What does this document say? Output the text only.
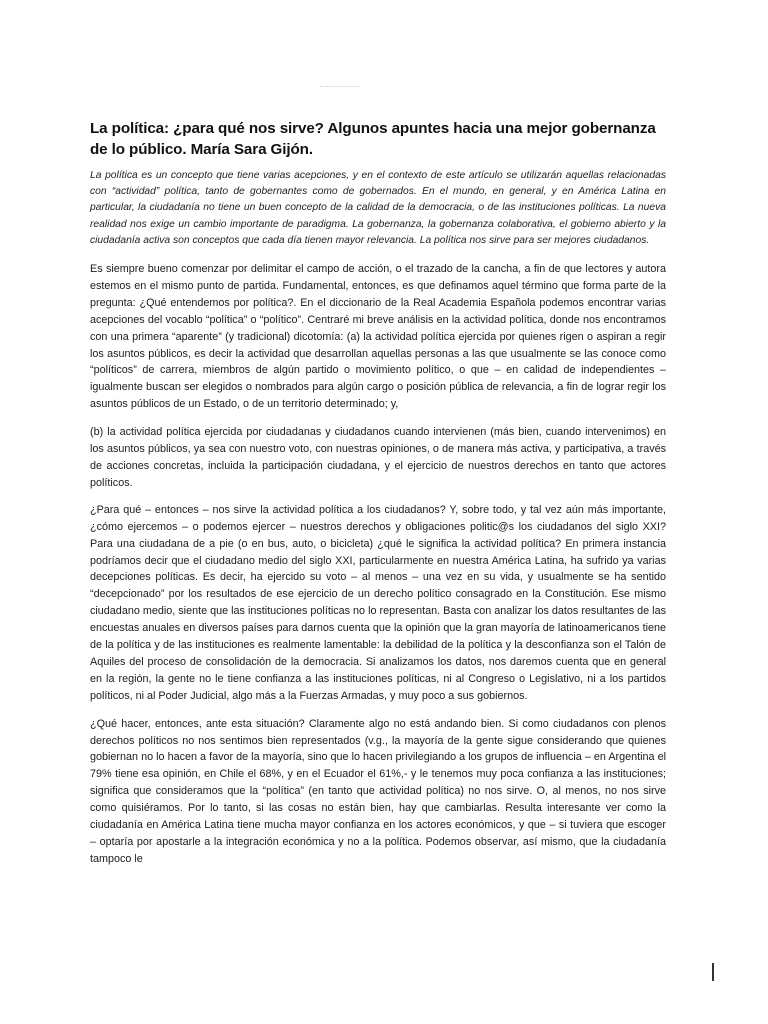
La política: ¿para qué nos sirve? Algunos apuntes hacia una mejor gobernanza de lo público. María Sara Gijón.

La política es un concepto que tiene varias acepciones, y en el contexto de este artículo se utilizarán aquellas relacionadas con “actividad” política, tanto de gobernantes como de gobernados. En el mundo, en general, y en América Latina en particular, la ciudadanía no tiene un buen concepto de la calidad de la democracia, o de las instituciones políticas. La nueva realidad nos exige un cambio importante de paradigma. La gobernanza, la gobernanza colaborativa, el gobierno abierto y la ciudadanía activa son conceptos que cada día tienen mayor relevancia. La política nos sirve para ser mejores ciudadanos.

Es siempre bueno comenzar por delimitar el campo de acción, o el trazado de la cancha, a fin de que lectores y autora estemos en el mismo punto de partida. Fundamental, entonces, es que definamos aquel término que forma parte de la pregunta: ¿Qué entendemos por política?. En el diccionario de la Real Academia Española podemos encontrar varias acepciones del vocablo “política” o “político”. Centraré mi breve análisis en la actividad política, donde nos encontramos con una primera “aparente” (y tradicional) dicotomía: (a) la actividad política ejercida por quienes rigen o aspiran a regir los asuntos públicos, es decir la actividad que desarrollan aquellas personas a las que usualmente se las conoce como “políticos” de carrera, miembros de algún partido o movimiento político, o que – en calidad de independientes – igualmente buscan ser elegidos o nombrados para algún cargo o posición pública de relevancia, a fin de lograr regir los asuntos públicos de un Estado, o de un territorio determinado; y,

(b) la actividad política ejercida por ciudadanas y ciudadanos cuando intervienen (más bien, cuando intervenimos) en los asuntos públicos, ya sea con nuestro voto, con nuestras opiniones, o de manera más activa, y participativa, a través de acciones concretas, incluida la participación ciudadana, y el ejercicio de nuestros derechos en tanto que actores políticos.

¿Para qué – entonces – nos sirve la actividad política a los ciudadanos? Y, sobre todo, y tal vez aún más importante, ¿cómo ejercemos – o podemos ejercer – nuestros derechos y obligaciones politic@s los ciudadanos del siglo XXI? Para una ciudadana de a pie (o en bus, auto, o bicicleta) ¿qué le significa la actividad política? En primera instancia podríamos decir que el ciudadano medio del siglo XXI, particularmente en nuestra América Latina, ha sufrido ya varias decepciones políticas. Es decir, ha ejercido su voto – al menos – una vez en su vida, y usualmente se ha sentido “decepcionado” por los resultados de ese ejercicio de un derecho político consagrado en la Constitución. Ese mismo ciudadano medio, siente que las instituciones políticas no lo representan. Basta con analizar los datos resultantes de las encuestas anuales en diversos países para darnos cuenta que la opinión que la gran mayoría de latinoamericanos tiene de la política y de las instituciones es realmente lamentable: la debilidad de la política y la desconfianza son el Talón de Aquiles del proceso de consolidación de la democracia. Si analizamos los datos, nos daremos cuenta que en general en la región, la gente no le tiene confianza a las instituciones políticas, ni al Congreso o Legislativo, ni a los partidos políticos, ni al Poder Judicial, algo más a la Fuerzas Armadas, y muy poco a sus gobiernos.

¿Qué hacer, entonces, ante esta situación? Claramente algo no está andando bien. Si como ciudadanos con plenos derechos políticos no nos sentimos bien representados (v.g., la mayoría de la gente sigue considerando que quienes gobiernan no lo hacen a favor de la mayoría, sino que lo hacen privilegiando a los grupos de influencia – en Argentina el 79% tiene esa opinión, en Chile el 68%, y en el Ecuador el 61%,- y le tenemos muy poca confianza a las instituciones; significa que consideramos que la “política” (en tanto que actividad política) no nos sirve. O, al menos, no nos sirve como quisiéramos. Por lo tanto, si las cosas no están bien, hay que cambiarlas. Resulta interesante ver como la ciudadanía en América Latina tiene mucha mayor confianza en los actores económicos, y que – si tuviera que escoger – optaría por apostarle a la integración económica y no a la política. Podemos observar, así mismo, que la ciudadanía tampoco le
